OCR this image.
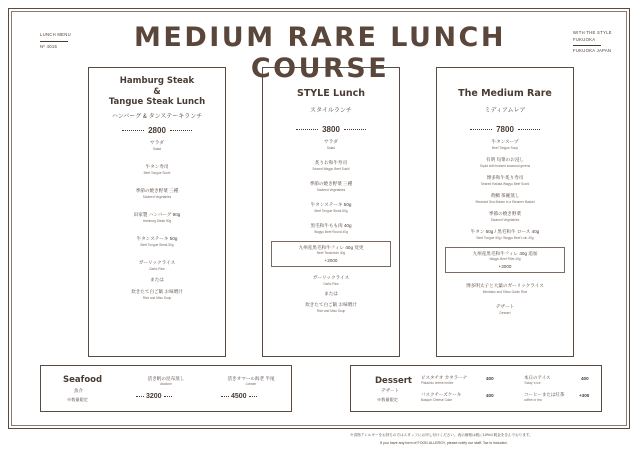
LUNCH MENU
Nº 4015	MEDIUM RARE LUNCH COURSE
WITH THE STYLE FUKUOKA
FUKUOKA JAPAN
Hamburg Steak
&
Tangue Steak Lunch
ハンバーグ & タンステーキランチ
2800
サラダ
Salad
牛タン寿司
Beef Tongue Sushi
季節の焼き野菜 三種
Sauteed Vegetables
田家製 ハンバーグ 90g
Hamburg Steak 90g
牛タンステーキ 50g
Beef Tongue Steak 50g
ガーリックライス
Garlic Rice
または
炊きたて白ご飯 お味噌汁
Rice and Miso Soup
STYLE Lunch
スタイルランチ
3800
サラダ
Salad
炙りお和牛寿司
Seared Wagyu Beef Sushi
季節の焼き野菜 三種
Sauteed Vegetables
牛タンステーキ 50g
Beef Tongue Steak 50g
黒毛和牛もも肉 40g
Wagyu Beef Round 40g
九州産黒毛和牛フィレ 40g 変更
Beef Tenderloin 40g
+2000
ガーリックライス
Garlic Rice
または
炊きたて白ご飯 お味噌汁
Rice and Miso Soup
The Medium Rare
ミディアムレア
7800
牛タンスープ
Beef Tongue Soup
有明 旬菜のお浸し
Squid with braised seasonal greens
博多和牛炙り寿司
Seared Hakata Wagyu Beef Sushi
黄鯛 茶碗蒸し
Steamed Sea Bream in a Steamer Basket
季節の焼き野菜
Sauteed Vegetables
牛タン 50g / 黒毛和牛 ロース 40g
Beef Tongue 50g / Wagyu Beef Loin 40g
九州産黒毛和牛フィレ 40g 追加
Wagyu Beef Fillet 40g
+3000
博多明太子と大葉のガーリックライス
Mentaiko and Shiso Garlic Rice
デザート
Dessert
Seafood
魚介
※数量限定
活き帆の昆布蒸し
Abalone
3200
活きオマール海老 半尾
Lobster
4500
Dessert
デザート
※数量限定
ピスタチオ カタラーナ
Pistachio crème brûlée
400
バスクチーズケーキ
Basque Cheese Cake
400
本日のアイス
Today 's ice
400
コーヒーまたは紅茶
coffee or tea
+300
※食物アレルギーをお持ちの方はスタッフにお申し付けください。表示価格は税に10%の税金を含んでおります。
If you have any form of FOOD ALLERGY, please notify our staff. Tax is included.
